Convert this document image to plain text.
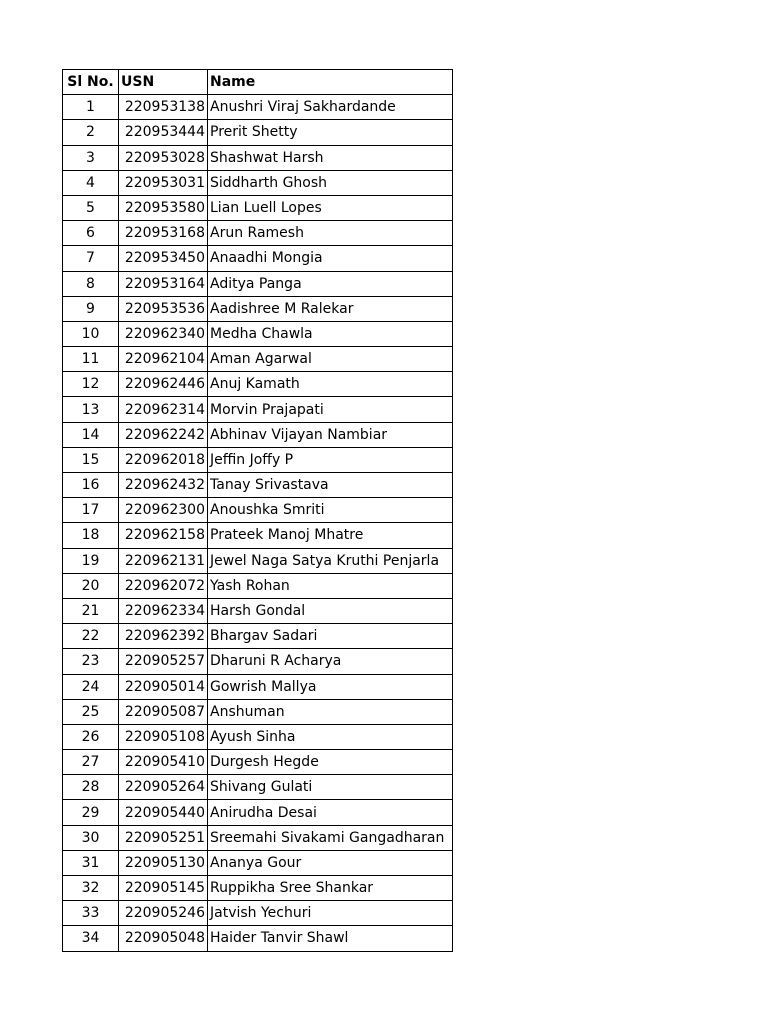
Sl No.	USN	Name
1	220953138	Anushri Viraj Sakhardande
2	220953444	Prerit Shetty
3	220953028	Shashwat Harsh
4	220953031	Siddharth Ghosh
5	220953580	Lian Luell Lopes
6	220953168	Arun Ramesh
7	220953450	Anaadhi Mongia
8	220953164	Aditya Panga
9	220953536	Aadishree M Ralekar
10	220962340	Medha Chawla
11	220962104	Aman Agarwal
12	220962446	Anuj Kamath
13	220962314	Morvin Prajapati
14	220962242	Abhinav Vijayan Nambiar
15	220962018	Jeffin Joffy P
16	220962432	Tanay Srivastava
17	220962300	Anoushka Smriti
18	220962158	Prateek Manoj Mhatre
19	220962131	Jewel Naga Satya Kruthi Penjarla
20	220962072	Yash Rohan
21	220962334	Harsh Gondal
22	220962392	Bhargav Sadari
23	220905257	Dharuni R Acharya
24	220905014	Gowrish Mallya
25	220905087	Anshuman
26	220905108	Ayush Sinha
27	220905410	Durgesh Hegde
28	220905264	Shivang Gulati
29	220905440	Anirudha Desai
30	220905251	Sreemahi Sivakami Gangadharan
31	220905130	Ananya Gour
32	220905145	Ruppikha Sree Shankar
33	220905246	Jatvish Yechuri
34	220905048	Haider Tanvir Shawl
